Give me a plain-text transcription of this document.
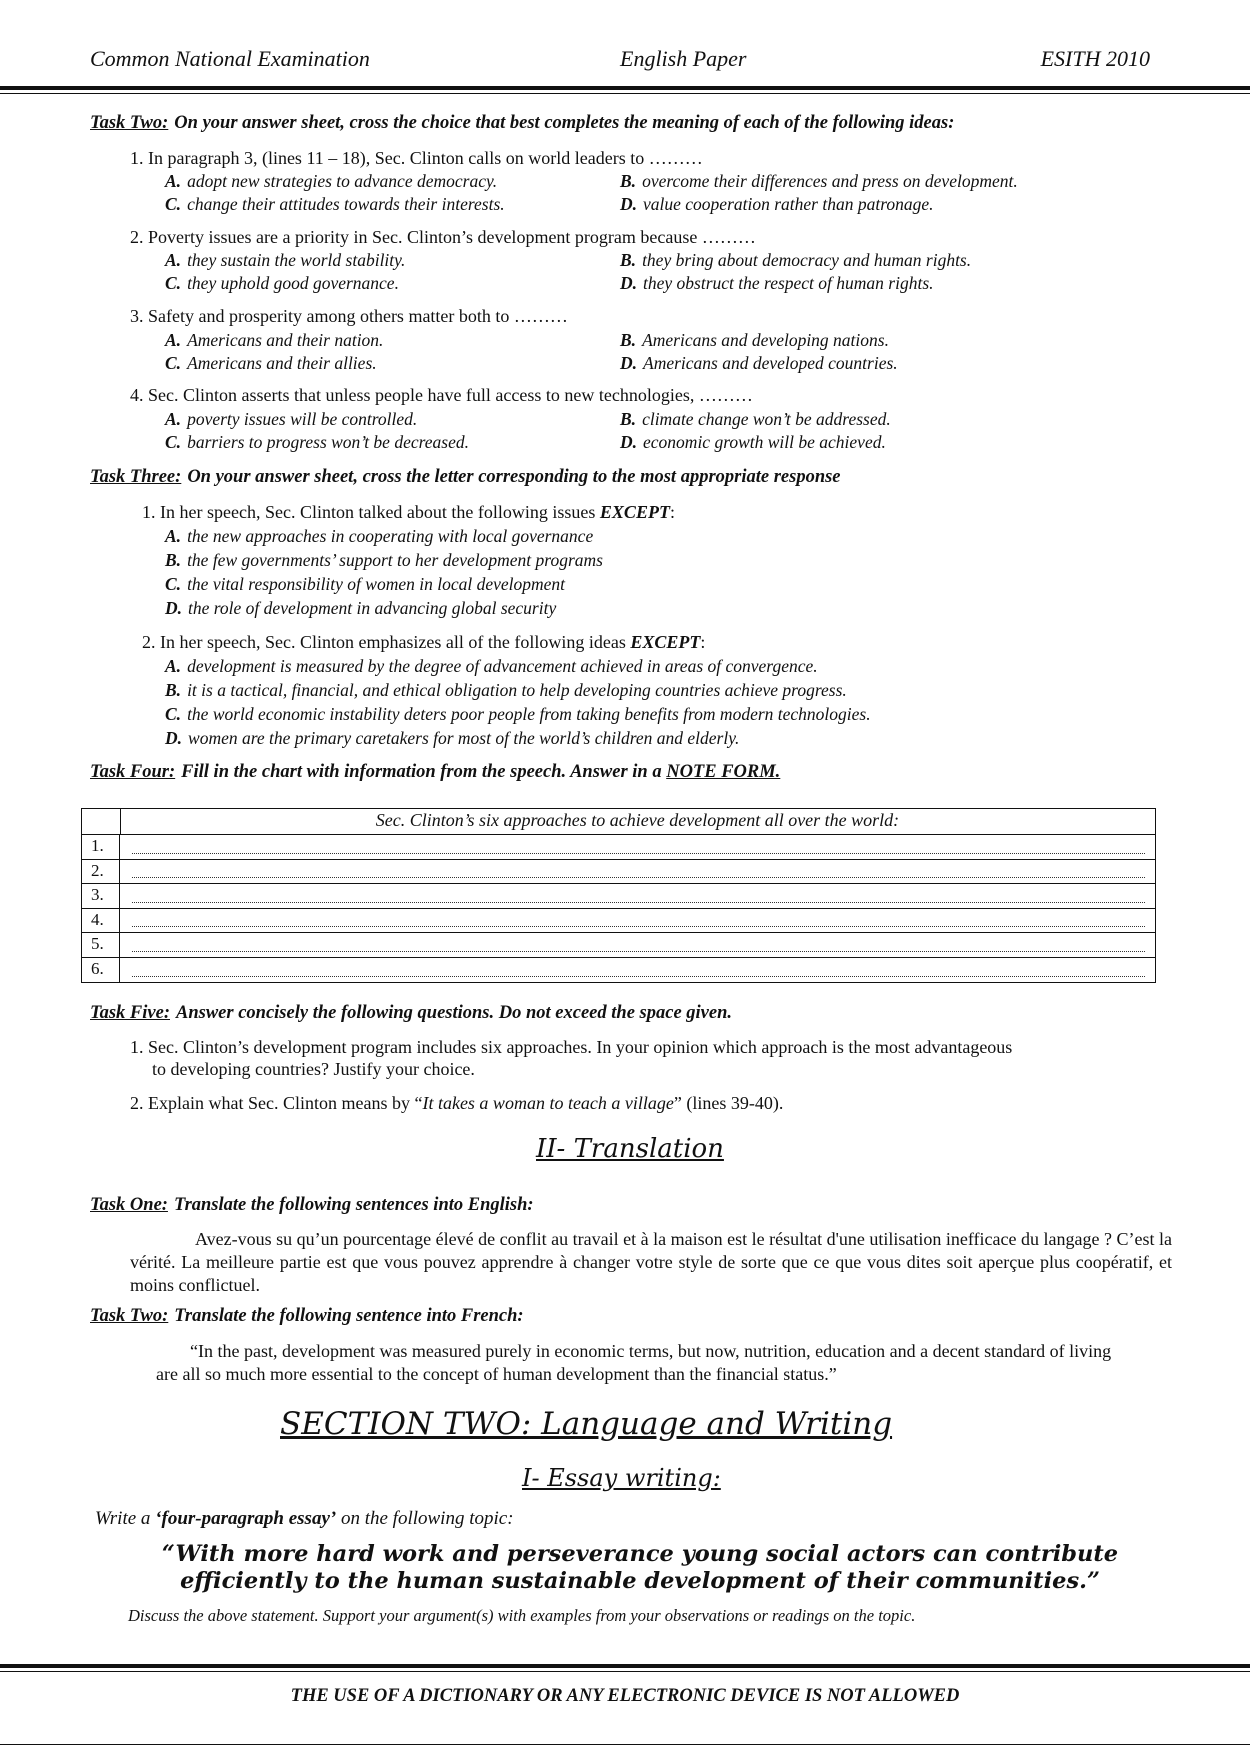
Common National Examination	English Paper	ESITH 2010
Task Two: On your answer sheet, cross the choice that best completes the meaning of each of the following ideas:
1. In paragraph 3, (lines 11 – 18), Sec. Clinton calls on world leaders to ………
A. adopt new strategies to advance democracy.	B. overcome their differences and press on development.
C. change their attitudes towards their interests.	D. value cooperation rather than patronage.
2. Poverty issues are a priority in Sec. Clinton’s development program because ………
A. they sustain the world stability.	B. they bring about democracy and human rights.
C. they uphold good governance.	D. they obstruct the respect of human rights.
3. Safety and prosperity among others matter both to ………
A. Americans and their nation.	B. Americans and developing nations.
C. Americans and their allies.	D. Americans and developed countries.
4. Sec. Clinton asserts that unless people have full access to new technologies, ………
A. poverty issues will be controlled.	B. climate change won’t be addressed.
C. barriers to progress won’t be decreased.	D. economic growth will be achieved.
Task Three: On your answer sheet, cross the letter corresponding to the most appropriate response
1. In her speech, Sec. Clinton talked about the following issues EXCEPT:
A. the new approaches in cooperating with local governance
B. the few governments’ support to her development programs
C. the vital responsibility of women in local development
D. the role of development in advancing global security
2. In her speech, Sec. Clinton emphasizes all of the following ideas EXCEPT:
A. development is measured by the degree of advancement achieved in areas of convergence.
B. it is a tactical, financial, and ethical obligation to help developing countries achieve progress.
C. the world economic instability deters poor people from taking benefits from modern technologies.
D. women are the primary caretakers for most of the world’s children and elderly.
Task Four: Fill in the chart with information from the speech. Answer in a NOTE FORM.
Sec. Clinton’s six approaches to achieve development all over the world:
1.
2.
3.
4.
5.
6.
Task Five: Answer concisely the following questions. Do not exceed the space given.
1. Sec. Clinton’s development program includes six approaches. In your opinion which approach is the most advantageous
to developing countries? Justify your choice.
2. Explain what Sec. Clinton means by “It takes a woman to teach a village” (lines 39-40).
II- Translation
Task One: Translate the following sentences into English:
Avez-vous su qu’un pourcentage élevé de conflit au travail et à la maison est le résultat d'une utilisation inefficace du langage ? C’est la vérité. La meilleure partie est que vous pouvez apprendre à changer votre style de sorte que ce que vous dites soit aperçue plus coopératif, et moins conflictuel.
Task Two: Translate the following sentence into French:
“In the past, development was measured purely in economic terms, but now, nutrition, education and a decent standard of living are all so much more essential to the concept of human development than the financial status.”
SECTION TWO: Language and Writing
I- Essay writing:
Write a ‘four-paragraph essay’ on the following topic:
“With more hard work and perseverance young social actors can contribute efficiently to the human sustainable development of their communities.”
Discuss the above statement. Support your argument(s) with examples from your observations or readings on the topic.
THE USE OF A DICTIONARY OR ANY ELECTRONIC DEVICE IS NOT ALLOWED
